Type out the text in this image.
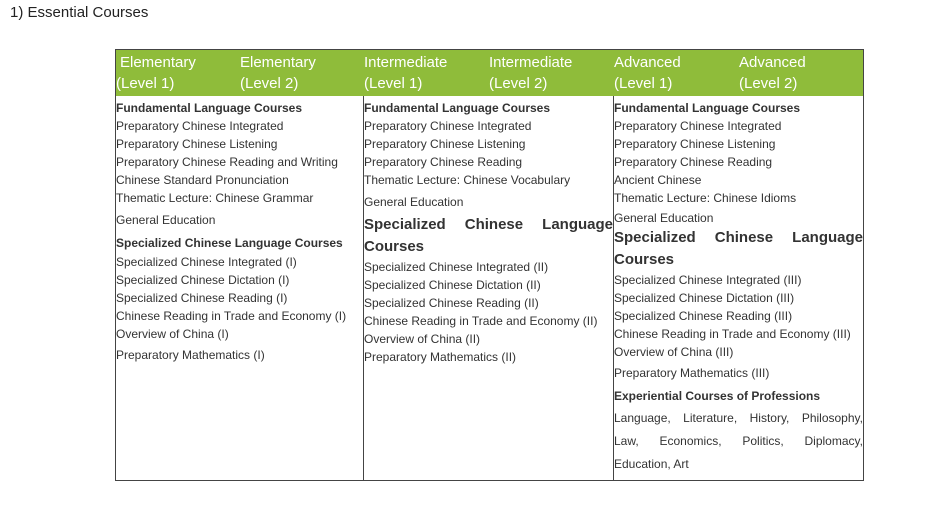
1) Essential Courses
Elementary
(Level 1)
Elementary
(Level 2)
Intermediate
(Level 1)
Intermediate
(Level 2)
Advanced
(Level 1)
Advanced
(Level 2)
Fundamental Language Courses
Preparatory Chinese Integrated
Preparatory Chinese Listening
Preparatory Chinese Reading and Writing
Chinese Standard Pronunciation
Thematic Lecture: Chinese Grammar
General Education
Specialized Chinese Language Courses
Specialized Chinese Integrated (I)
Specialized Chinese Dictation (I)
Specialized Chinese Reading (I)
Chinese Reading in Trade and Economy (I)
Overview of China (I)
Preparatory Mathematics (I)
Fundamental Language Courses
Preparatory Chinese Integrated
Preparatory Chinese Listening
Preparatory Chinese Reading
Thematic Lecture: Chinese Vocabulary
General Education
Specialized Chinese Language
Courses
Specialized Chinese Integrated (II)
Specialized Chinese Dictation (II)
Specialized Chinese Reading (II)
Chinese Reading in Trade and Economy (II)
Overview of China (II)
Preparatory Mathematics (II)
Fundamental Language Courses
Preparatory Chinese Integrated
Preparatory Chinese Listening
Preparatory Chinese Reading
Ancient Chinese
Thematic Lecture: Chinese Idioms
General Education
Specialized Chinese Language
Courses
Specialized Chinese Integrated (III)
Specialized Chinese Dictation (III)
Specialized Chinese Reading (III)
Chinese Reading in Trade and Economy (III)
Overview of China (III)
Preparatory Mathematics (III)
Experiential Courses of Professions
Language, Literature, History, Philosophy,
Law, Economics, Politics, Diplomacy,
Education, Art
